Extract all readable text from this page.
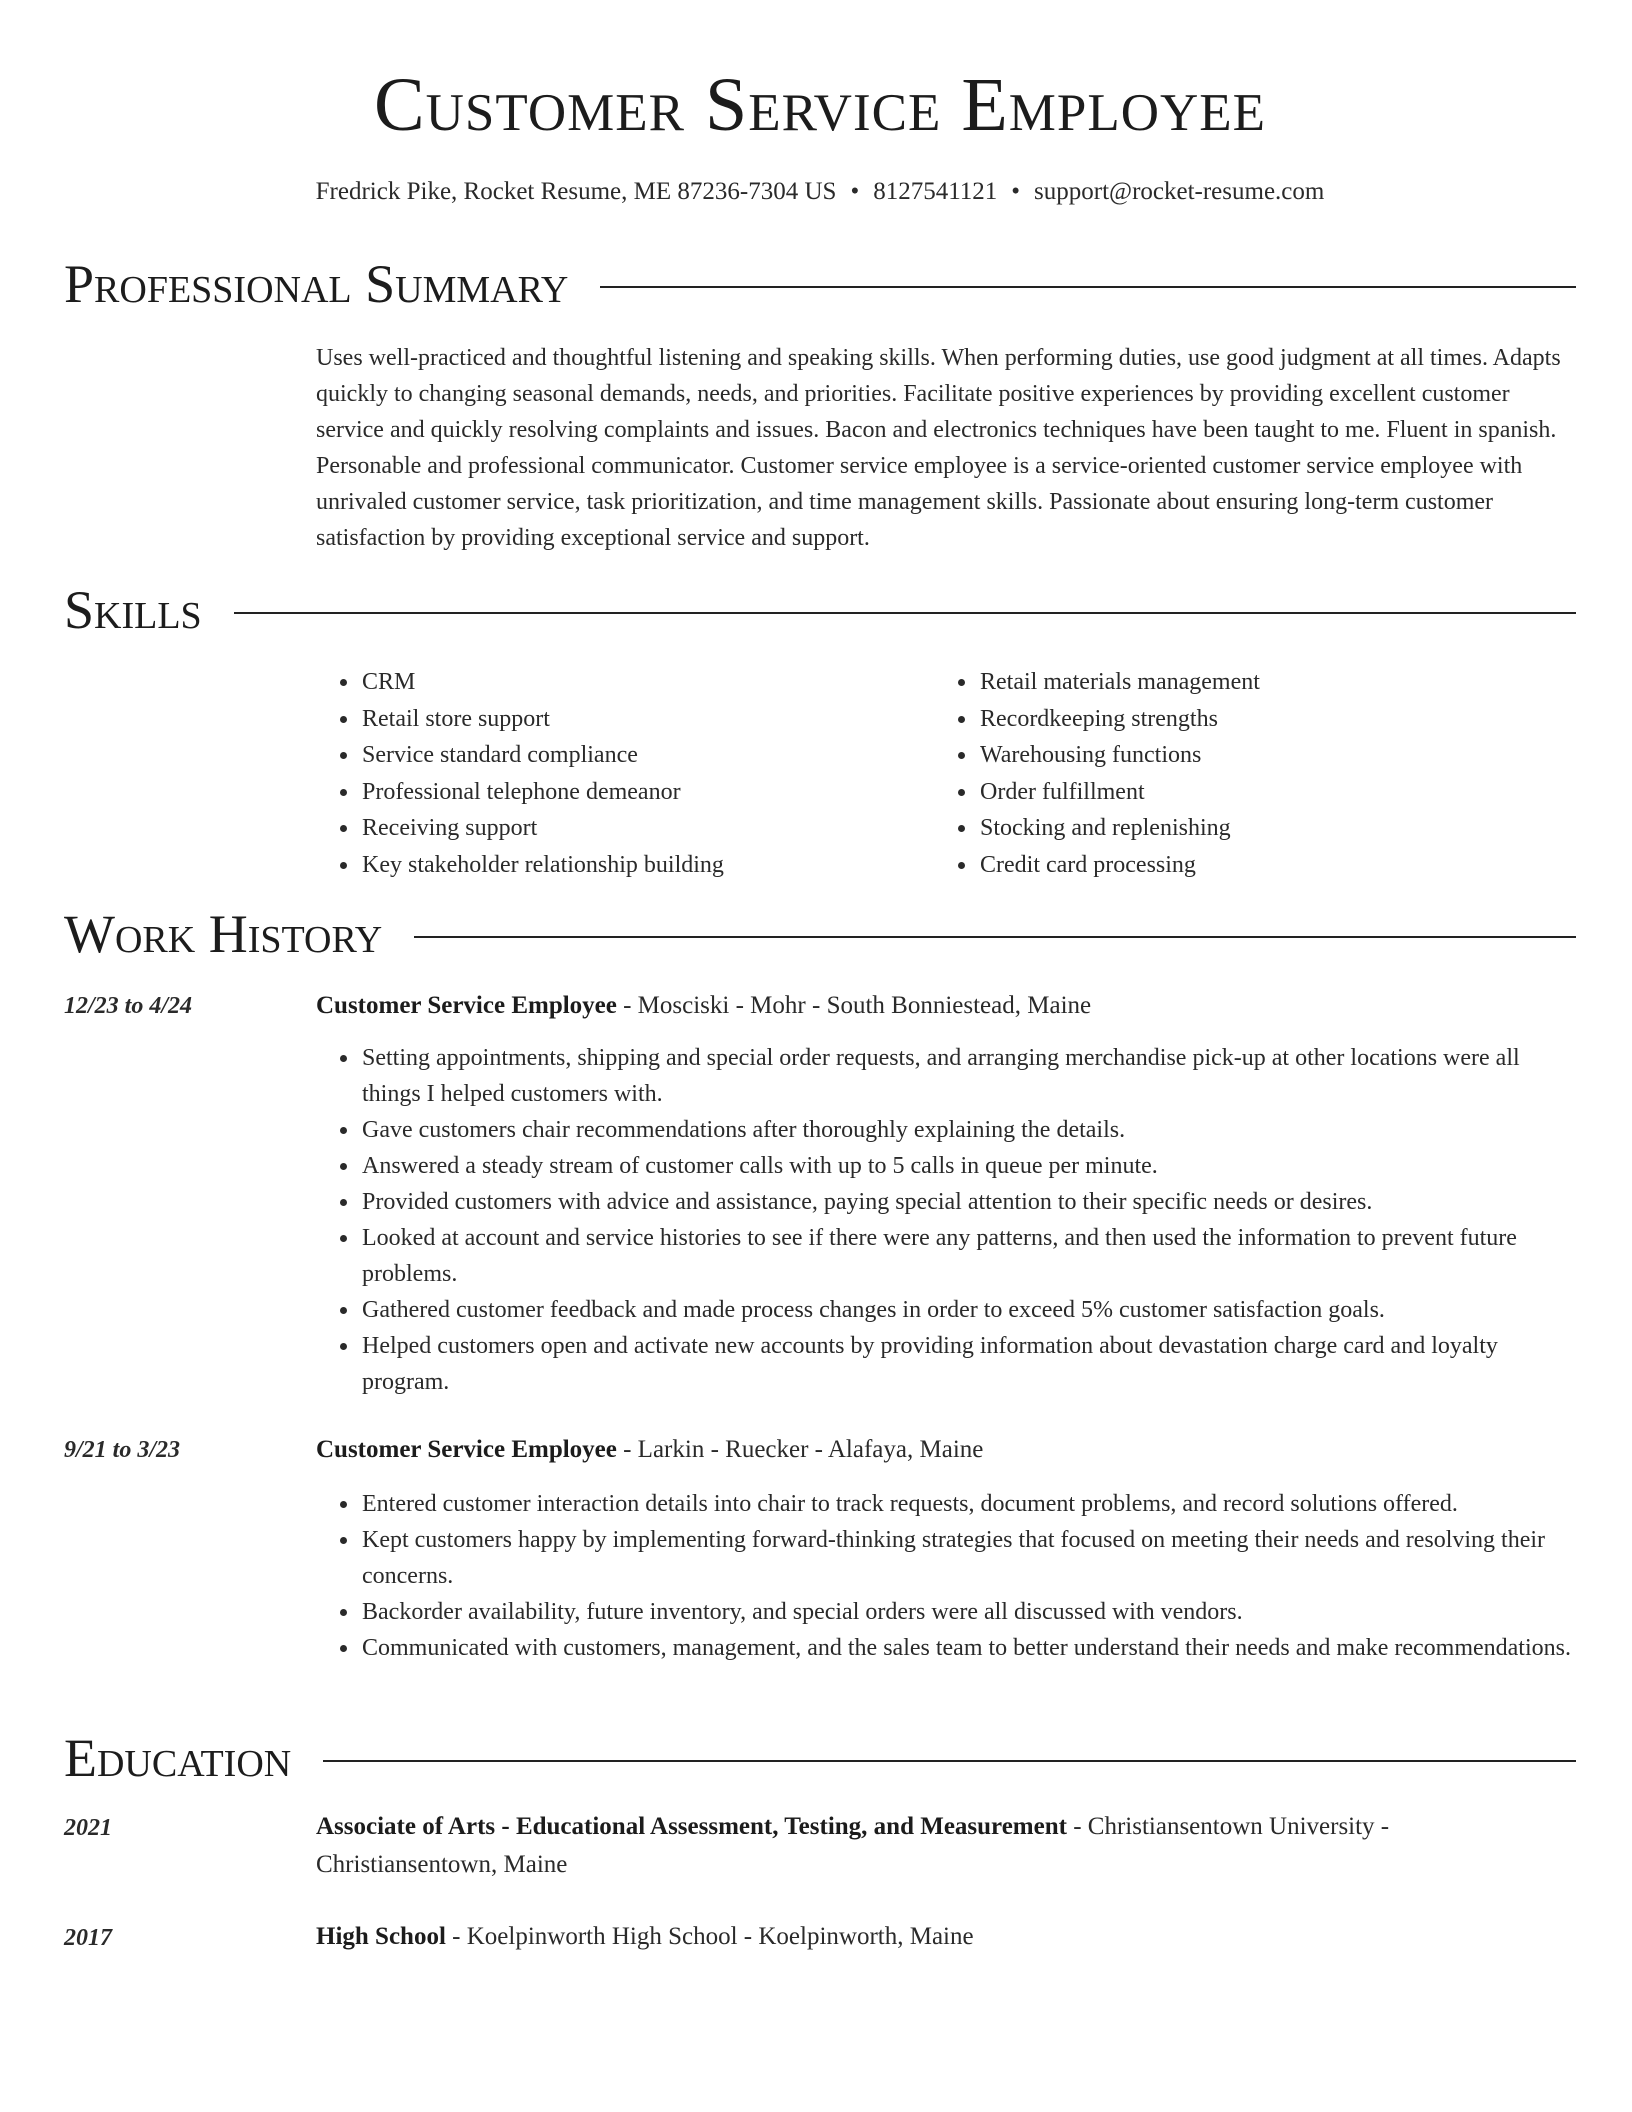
Customer Service Employee
Fredrick Pike, Rocket Resume, ME 87236-7304 US • 8127541121 • support@rocket-resume.com
Professional Summary
Uses well-practiced and thoughtful listening and speaking skills. When performing duties, use good judgment at all times. Adapts quickly to changing seasonal demands, needs, and priorities. Facilitate positive experiences by providing excellent customer service and quickly resolving complaints and issues. Bacon and electronics techniques have been taught to me. Fluent in spanish. Personable and professional communicator. Customer service employee is a service-oriented customer service employee with unrivaled customer service, task prioritization, and time management skills. Passionate about ensuring long-term customer satisfaction by providing exceptional service and support.
Skills
• CRM
• Retail store support
• Service standard compliance
• Professional telephone demeanor
• Receiving support
• Key stakeholder relationship building
• Retail materials management
• Recordkeeping strengths
• Warehousing functions
• Order fulfillment
• Stocking and replenishing
• Credit card processing
Work History
12/23 to 4/24	Customer Service Employee - Mosciski - Mohr - South Bonniestead, Maine
• Setting appointments, shipping and special order requests, and arranging merchandise pick-up at other locations were all things I helped customers with.
• Gave customers chair recommendations after thoroughly explaining the details.
• Answered a steady stream of customer calls with up to 5 calls in queue per minute.
• Provided customers with advice and assistance, paying special attention to their specific needs or desires.
• Looked at account and service histories to see if there were any patterns, and then used the information to prevent future problems.
• Gathered customer feedback and made process changes in order to exceed 5% customer satisfaction goals.
• Helped customers open and activate new accounts by providing information about devastation charge card and loyalty program.
9/21 to 3/23	Customer Service Employee - Larkin - Ruecker - Alafaya, Maine
• Entered customer interaction details into chair to track requests, document problems, and record solutions offered.
• Kept customers happy by implementing forward-thinking strategies that focused on meeting their needs and resolving their concerns.
• Backorder availability, future inventory, and special orders were all discussed with vendors.
• Communicated with customers, management, and the sales team to better understand their needs and make recommendations.
Education
2021	Associate of Arts - Educational Assessment, Testing, and Measurement - Christiansentown University - Christiansentown, Maine
2017	High School - Koelpinworth High School - Koelpinworth, Maine
